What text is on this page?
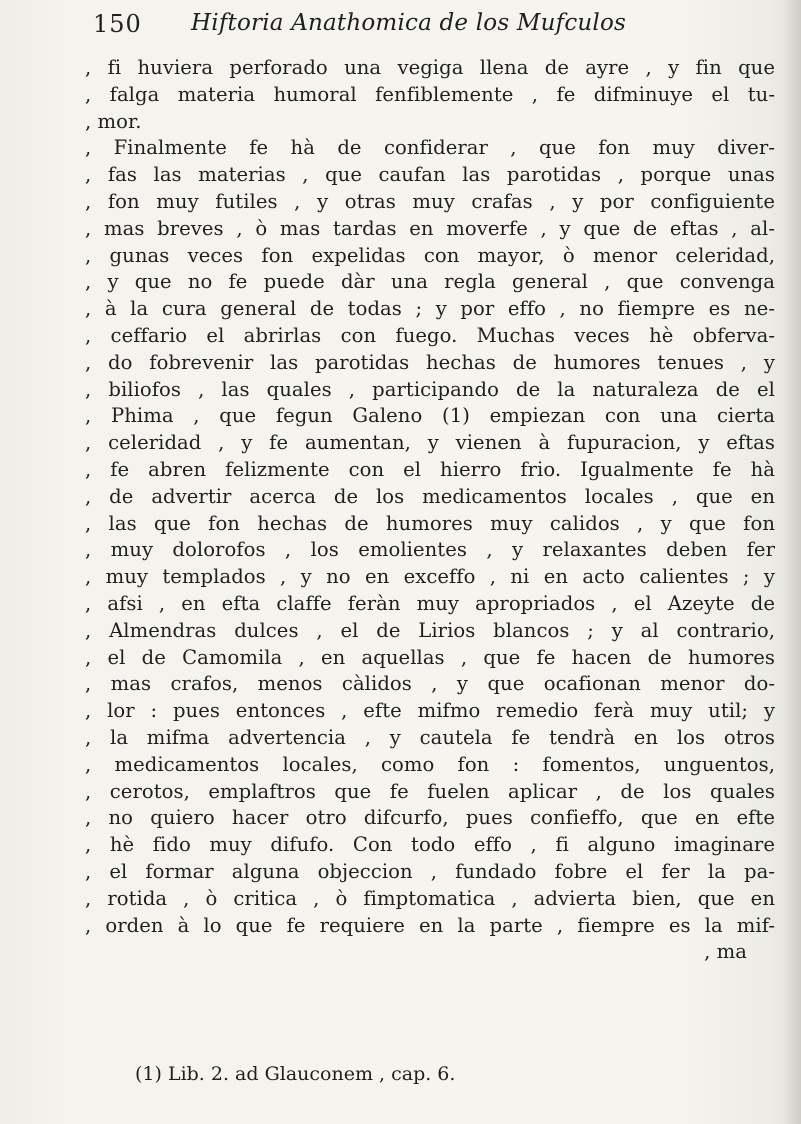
150 Hiftoria Anathomica de los Mufculos
, fi huviera perforado una vegiga llena de ayre , y fin que
, falga materia humoral fenfiblemente , fe difminuye el tu-
, mor.
, Finalmente fe hà de confiderar , que fon muy diver-
, fas las materias , que caufan las parotidas , porque unas
, fon muy futiles , y otras muy crafas , y por configuiente
, mas breves , ò mas tardas en moverfe , y que de eftas , al-
, gunas veces fon expelidas con mayor, ò menor celeridad,
, y que no fe puede dàr una regla general , que convenga
, à la cura general de todas ; y por effo , no fiempre es ne-
, ceffario el abrirlas con fuego. Muchas veces hè obferva-
, do fobrevenir las parotidas hechas de humores tenues , y
, biliofos , las quales , participando de la naturaleza de el
, Phima , que fegun Galeno (1) empiezan con una cierta
, celeridad , y fe aumentan, y vienen à fupuracion, y eftas
, fe abren felizmente con el hierro frio. Igualmente fe hà
, de advertir acerca de los medicamentos locales , que en
, las que fon hechas de humores muy calidos , y que fon
, muy dolorofos , los emolientes , y relaxantes deben fer
, muy templados , y no en exceffo , ni en acto calientes ; y
, afsi , en efta claffe feràn muy apropriados , el Azeyte de
, Almendras dulces , el de Lirios blancos ; y al contrario,
, el de Camomila , en aquellas , que fe hacen de humores
, mas crafos, menos càlidos , y que ocafionan menor do-
, lor : pues entonces , efte mifmo remedio ferà muy util; y
, la mifma advertencia , y cautela fe tendrà en los otros
, medicamentos locales, como fon : fomentos, unguentos,
, cerotos, emplaftros que fe fuelen aplicar , de los quales
, no quiero hacer otro difcurfo, pues confieffo, que en efte
, hè fido muy difufo. Con todo effo , fi alguno imaginare
, el formar alguna objeccion , fundado fobre el fer la pa-
, rotida , ò critica , ò fimptomatica , advierta bien, que en
, orden à lo que fe requiere en la parte , fiempre es la mif-
, ma
(1) Lib. 2. ad Glauconem , cap. 6.
